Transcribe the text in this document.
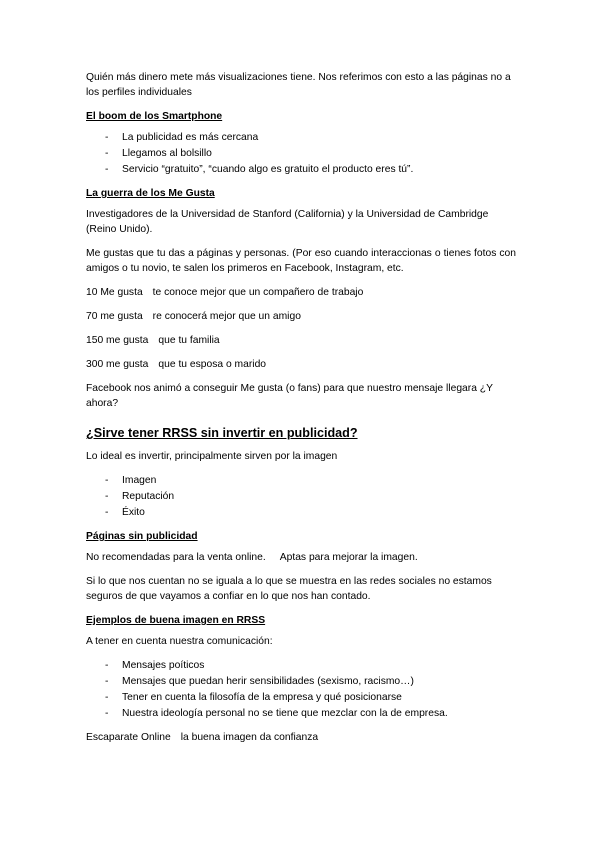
Quién más dinero mete más visualizaciones tiene. Nos referimos con esto a las páginas no a los perfiles individuales

El boom de los Smartphone

- La publicidad es más cercana
- Llegamos al bolsillo
- Servicio “gratuito”, “cuando algo es gratuito el producto eres tú”.

La guerra de los Me Gusta

Investigadores de la Universidad de Stanford (California) y la Universidad de Cambridge (Reino Unido).

Me gustas que tu das a páginas y personas. (Por eso cuando interaccionas o tienes fotos con amigos o tu novio, te salen los primeros en Facebook, Instagram, etc.

10 Me gusta te conoce mejor que un compañero de trabajo

70 me gusta re conocerá mejor que un amigo

150 me gusta que tu familia

300 me gusta que tu esposa o marido

Facebook nos animó a conseguir Me gusta (o fans) para que nuestro mensaje llegara ¿Y ahora?

¿Sirve tener RRSS sin invertir en publicidad?

Lo ideal es invertir, principalmente sirven por la imagen

- Imagen
- Reputación
- Éxito

Páginas sin publicidad

No recomendadas para la venta online. Aptas para mejorar la imagen.

Si lo que nos cuentan no se iguala a lo que se muestra en las redes sociales no estamos seguros de que vayamos a confiar en lo que nos han contado.

Ejemplos de buena imagen en RRSS

A tener en cuenta nuestra comunicación:

- Mensajes poíticos
- Mensajes que puedan herir sensibilidades (sexismo, racismo…)
- Tener en cuenta la filosofía de la empresa y qué posicionarse
- Nuestra ideología personal no se tiene que mezclar con la de empresa.

Escaparate Online la buena imagen da confianza
